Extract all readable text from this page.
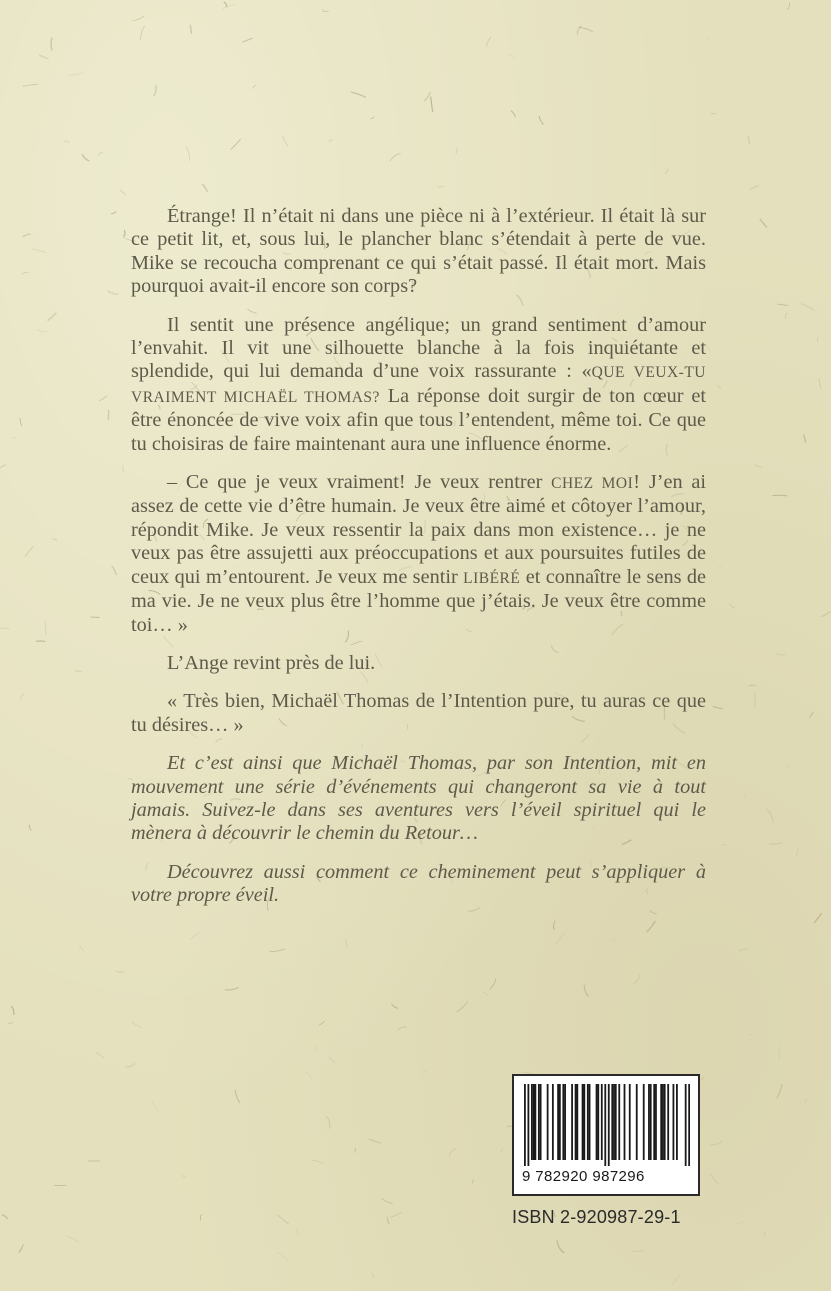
Étrange! Il n’était ni dans une pièce ni à l’extérieur. Il était là sur ce petit lit, et, sous lui, le plancher blanc s’étendait à perte de vue. Mike se recoucha comprenant ce qui s’était passé. Il était mort. Mais pourquoi avait-il encore son corps?

Il sentit une présence angélique; un grand sentiment d’amour l’envahit. Il vit une silhouette blanche à la fois inquiétante et splendide, qui lui demanda d’une voix rassurante : «QUE VEUX-TU VRAIMENT MICHAËL THOMAS? La réponse doit surgir de ton cœur et être énoncée de vive voix afin que tous l’entendent, même toi. Ce que tu choisiras de faire maintenant aura une influence énorme.

– Ce que je veux vraiment! Je veux rentrer CHEZ MOI! J’en ai assez de cette vie d’être humain. Je veux être aimé et côtoyer l’amour, répondit Mike. Je veux ressentir la paix dans mon existence… je ne veux pas être assujetti aux préoccupations et aux poursuites futiles de ceux qui m’entourent. Je veux me sentir LIBÉRÉ et connaître le sens de ma vie. Je ne veux plus être l’homme que j’étais. Je veux être comme toi… »

L’Ange revint près de lui.

« Très bien, Michaël Thomas de l’Intention pure, tu auras ce que tu désires… »

Et c’est ainsi que Michaël Thomas, par son Intention, mit en mouvement une série d’événements qui changeront sa vie à tout jamais. Suivez-le dans ses aventures vers l’éveil spirituel qui le mènera à découvrir le chemin du Retour…

Découvrez aussi comment ce cheminement peut s’appliquer à votre propre éveil.

9 782920 987296
ISBN 2-920987-29-1
